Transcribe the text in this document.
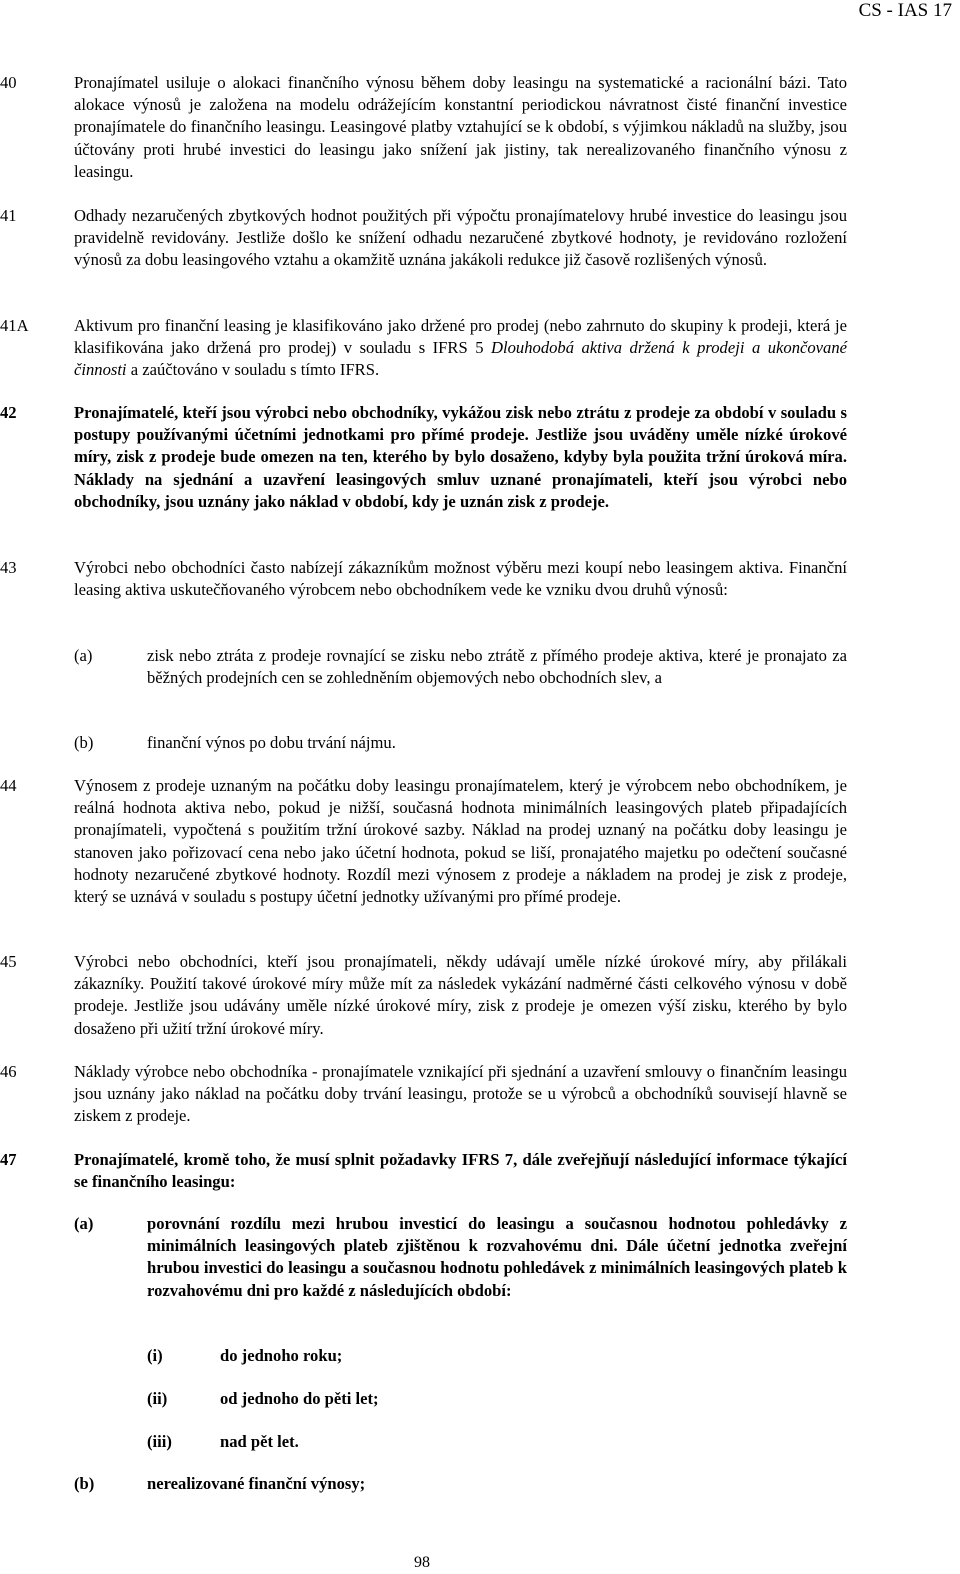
CS - IAS 17
40	Pronajímatel usiluje o alokaci finančního výnosu během doby leasingu na systematické a racionální bázi. Tato alokace výnosů je založena na modelu odrážejícím konstantní periodickou návratnost čisté finanční investice pronajímatele do finančního leasingu. Leasingové platby vztahující se k období, s výjimkou nákladů na služby, jsou účtovány proti hrubé investici do leasingu jako snížení jak jistiny, tak nerealizovaného finančního výnosu z leasingu.
41	Odhady nezaručených zbytkových hodnot použitých při výpočtu pronajímatelovy hrubé investice do leasingu jsou pravidelně revidovány. Jestliže došlo ke snížení odhadu nezaručené zbytkové hodnoty, je revidováno rozložení výnosů za dobu leasingového vztahu a okamžitě uznána jakákoli redukce již časově rozlišených výnosů.
41A	Aktivum pro finanční leasing je klasifikováno jako držené pro prodej (nebo zahrnuto do skupiny k prodeji, která je klasifikována jako držená pro prodej) v souladu s IFRS 5 Dlouhodobá aktiva držená k prodeji a ukončované činnosti a zaúčtováno v souladu s tímto IFRS.
42	Pronajímatelé, kteří jsou výrobci nebo obchodníky, vykážou zisk nebo ztrátu z prodeje za období v souladu s postupy používanými účetními jednotkami pro přímé prodeje. Jestliže jsou uváděny uměle nízké úrokové míry, zisk z prodeje bude omezen na ten, kterého by bylo dosaženo, kdyby byla použita tržní úroková míra. Náklady na sjednání a uzavření leasingových smluv uznané pronajímateli, kteří jsou výrobci nebo obchodníky, jsou uznány jako náklad v období, kdy je uznán zisk z prodeje.
43	Výrobci nebo obchodníci často nabízejí zákazníkům možnost výběru mezi koupí nebo leasingem aktiva. Finanční leasing aktiva uskutečňovaného výrobcem nebo obchodníkem vede ke vzniku dvou druhů výnosů:
(a)	zisk nebo ztráta z prodeje rovnající se zisku nebo ztrátě z přímého prodeje aktiva, které je pronajato za běžných prodejních cen se zohledněním objemových nebo obchodních slev, a
(b)	finanční výnos po dobu trvání nájmu.
44	Výnosem z prodeje uznaným na počátku doby leasingu pronajímatelem, který je výrobcem nebo obchodníkem, je reálná hodnota aktiva nebo, pokud je nižší, současná hodnota minimálních leasingových plateb připadajících pronajímateli, vypočtená s použitím tržní úrokové sazby. Náklad na prodej uznaný na počátku doby leasingu je stanoven jako pořizovací cena nebo jako účetní hodnota, pokud se liší, pronajatého majetku po odečtení současné hodnoty nezaručené zbytkové hodnoty. Rozdíl mezi výnosem z prodeje a nákladem na prodej je zisk z prodeje, který se uznává v souladu s postupy účetní jednotky užívanými pro přímé prodeje.
45	Výrobci nebo obchodníci, kteří jsou pronajímateli, někdy udávají uměle nízké úrokové míry, aby přilákali zákazníky. Použití takové úrokové míry může mít za následek vykázání nadměrné části celkového výnosu v době prodeje. Jestliže jsou udávány uměle nízké úrokové míry, zisk z prodeje je omezen výší zisku, kterého by bylo dosaženo při užití tržní úrokové míry.
46	Náklady výrobce nebo obchodníka - pronajímatele vznikající při sjednání a uzavření smlouvy o finančním leasingu jsou uznány jako náklad na počátku doby trvání leasingu, protože se u výrobců a obchodníků souvisejí hlavně se ziskem z prodeje.
47	Pronajímatelé, kromě toho, že musí splnit požadavky IFRS 7, dále zveřejňují následující informace týkající se finančního leasingu:
(a)	porovnání rozdílu mezi hrubou investicí do leasingu a současnou hodnotou pohledávky z minimálních leasingových plateb zjištěnou k rozvahovému dni. Dále účetní jednotka zveřejní hrubou investici do leasingu a současnou hodnotu pohledávek z minimálních leasingových plateb k rozvahovému dni pro každé z následujících období:
(i)	do jednoho roku;
(ii)	od jednoho do pěti let;
(iii)	nad pět let.
(b)	nerealizované finanční výnosy;
98
